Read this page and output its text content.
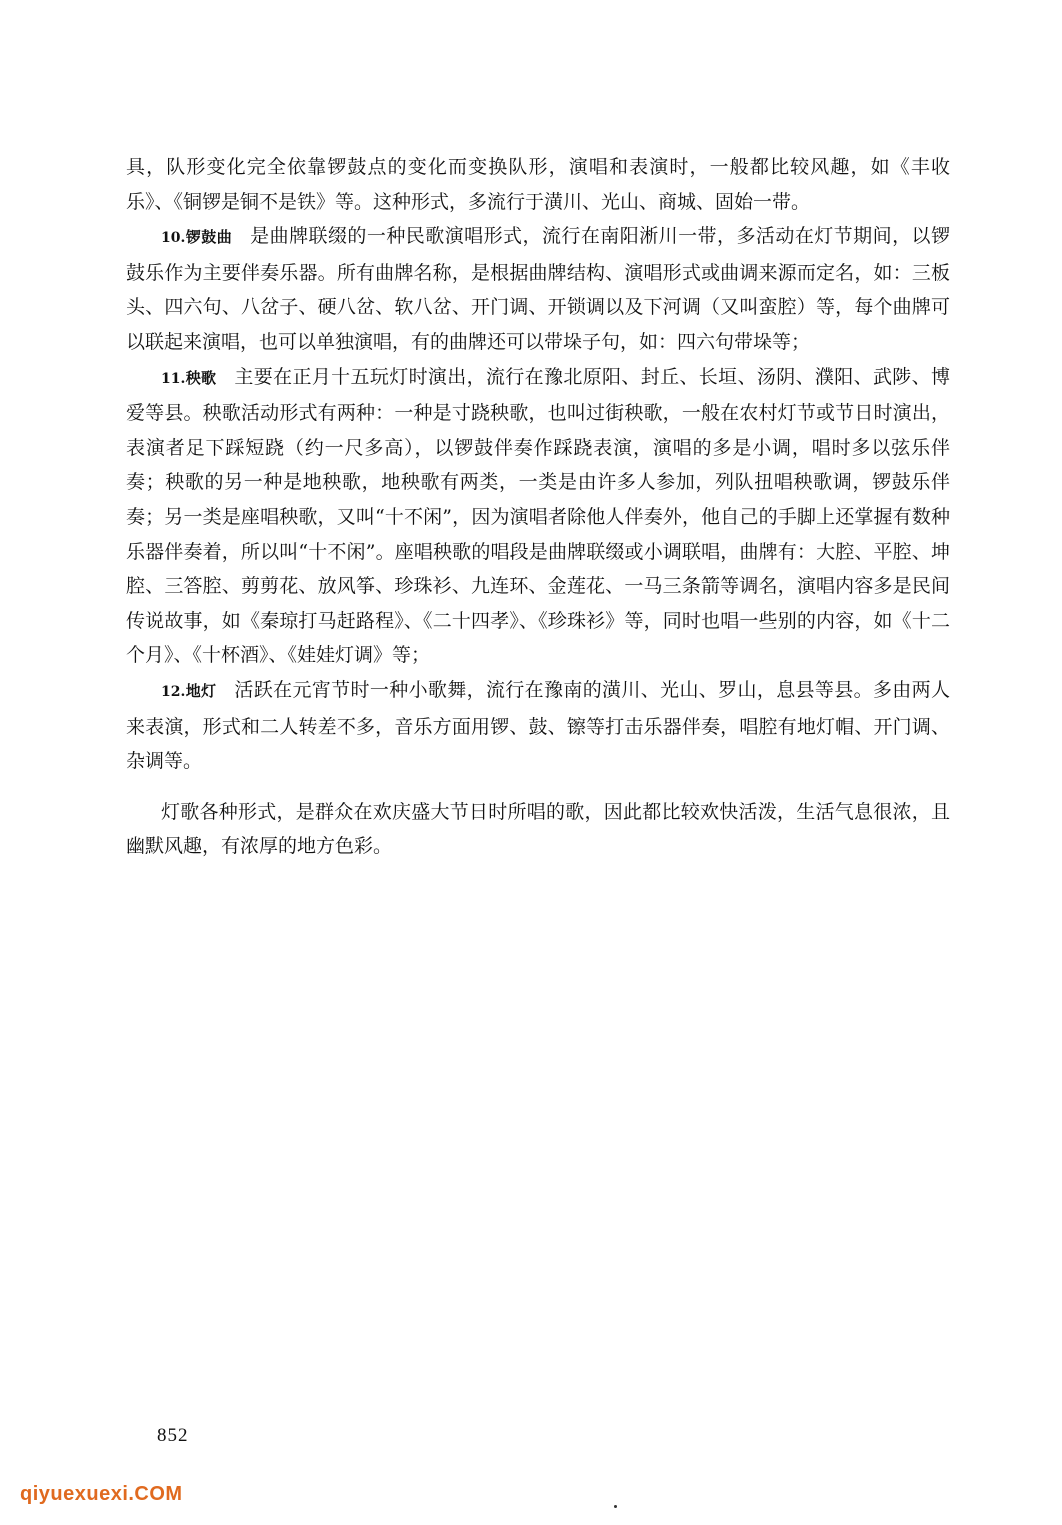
具，队形变化完全依靠锣鼓点的变化而变换队形，演唱和表演时，一般都比较风趣，如《丰收乐》、《铜锣是铜不是铁》等。这种形式，多流行于潢川、光山、商城、固始一带。

10.锣鼓曲 是曲牌联缀的一种民歌演唱形式，流行在南阳淅川一带，多活动在灯节期间，以锣鼓乐作为主要伴奏乐器。所有曲牌名称，是根据曲牌结构、演唱形式或曲调来源而定名，如：三板头、四六句、八岔子、硬八岔、软八岔、开门调、开锁调以及下河调（又叫蛮腔）等，每个曲牌可以联起来演唱，也可以单独演唱，有的曲牌还可以带垛子句，如：四六句带垛等；

11.秧歌 主要在正月十五玩灯时演出，流行在豫北原阳、封丘、长垣、汤阴、濮阳、武陟、博爱等县。秧歌活动形式有两种：一种是寸跷秧歌，也叫过街秧歌，一般在农村灯节或节日时演出，表演者足下踩短跷（约一尺多高），以锣鼓伴奏作踩跷表演，演唱的多是小调，唱时多以弦乐伴奏；秧歌的另一种是地秧歌，地秧歌有两类，一类是由许多人参加，列队扭唱秧歌调，锣鼓乐伴奏；另一类是座唱秧歌，又叫“十不闲”，因为演唱者除他人伴奏外，他自己的手脚上还掌握有数种乐器伴奏着，所以叫“十不闲”。座唱秧歌的唱段是曲牌联缀或小调联唱，曲牌有：大腔、平腔、坤腔、三答腔、剪剪花、放风筝、珍珠衫、九连环、金莲花、一马三条箭等调名，演唱内容多是民间传说故事，如《秦琼打马赶路程》、《二十四孝》、《珍珠衫》等，同时也唱一些别的内容，如《十二个月》、《十杯酒》、《娃娃灯调》等；

12.地灯 活跃在元宵节时一种小歌舞，流行在豫南的潢川、光山、罗山，息县等县。多由两人来表演，形式和二人转差不多，音乐方面用锣、鼓、镲等打击乐器伴奏，唱腔有地灯帽、开门调、杂调等。

灯歌各种形式，是群众在欢庆盛大节日时所唱的歌，因此都比较欢快活泼，生活气息很浓，且幽默风趣，有浓厚的地方色彩。

852
qiyuexuexi.COM
